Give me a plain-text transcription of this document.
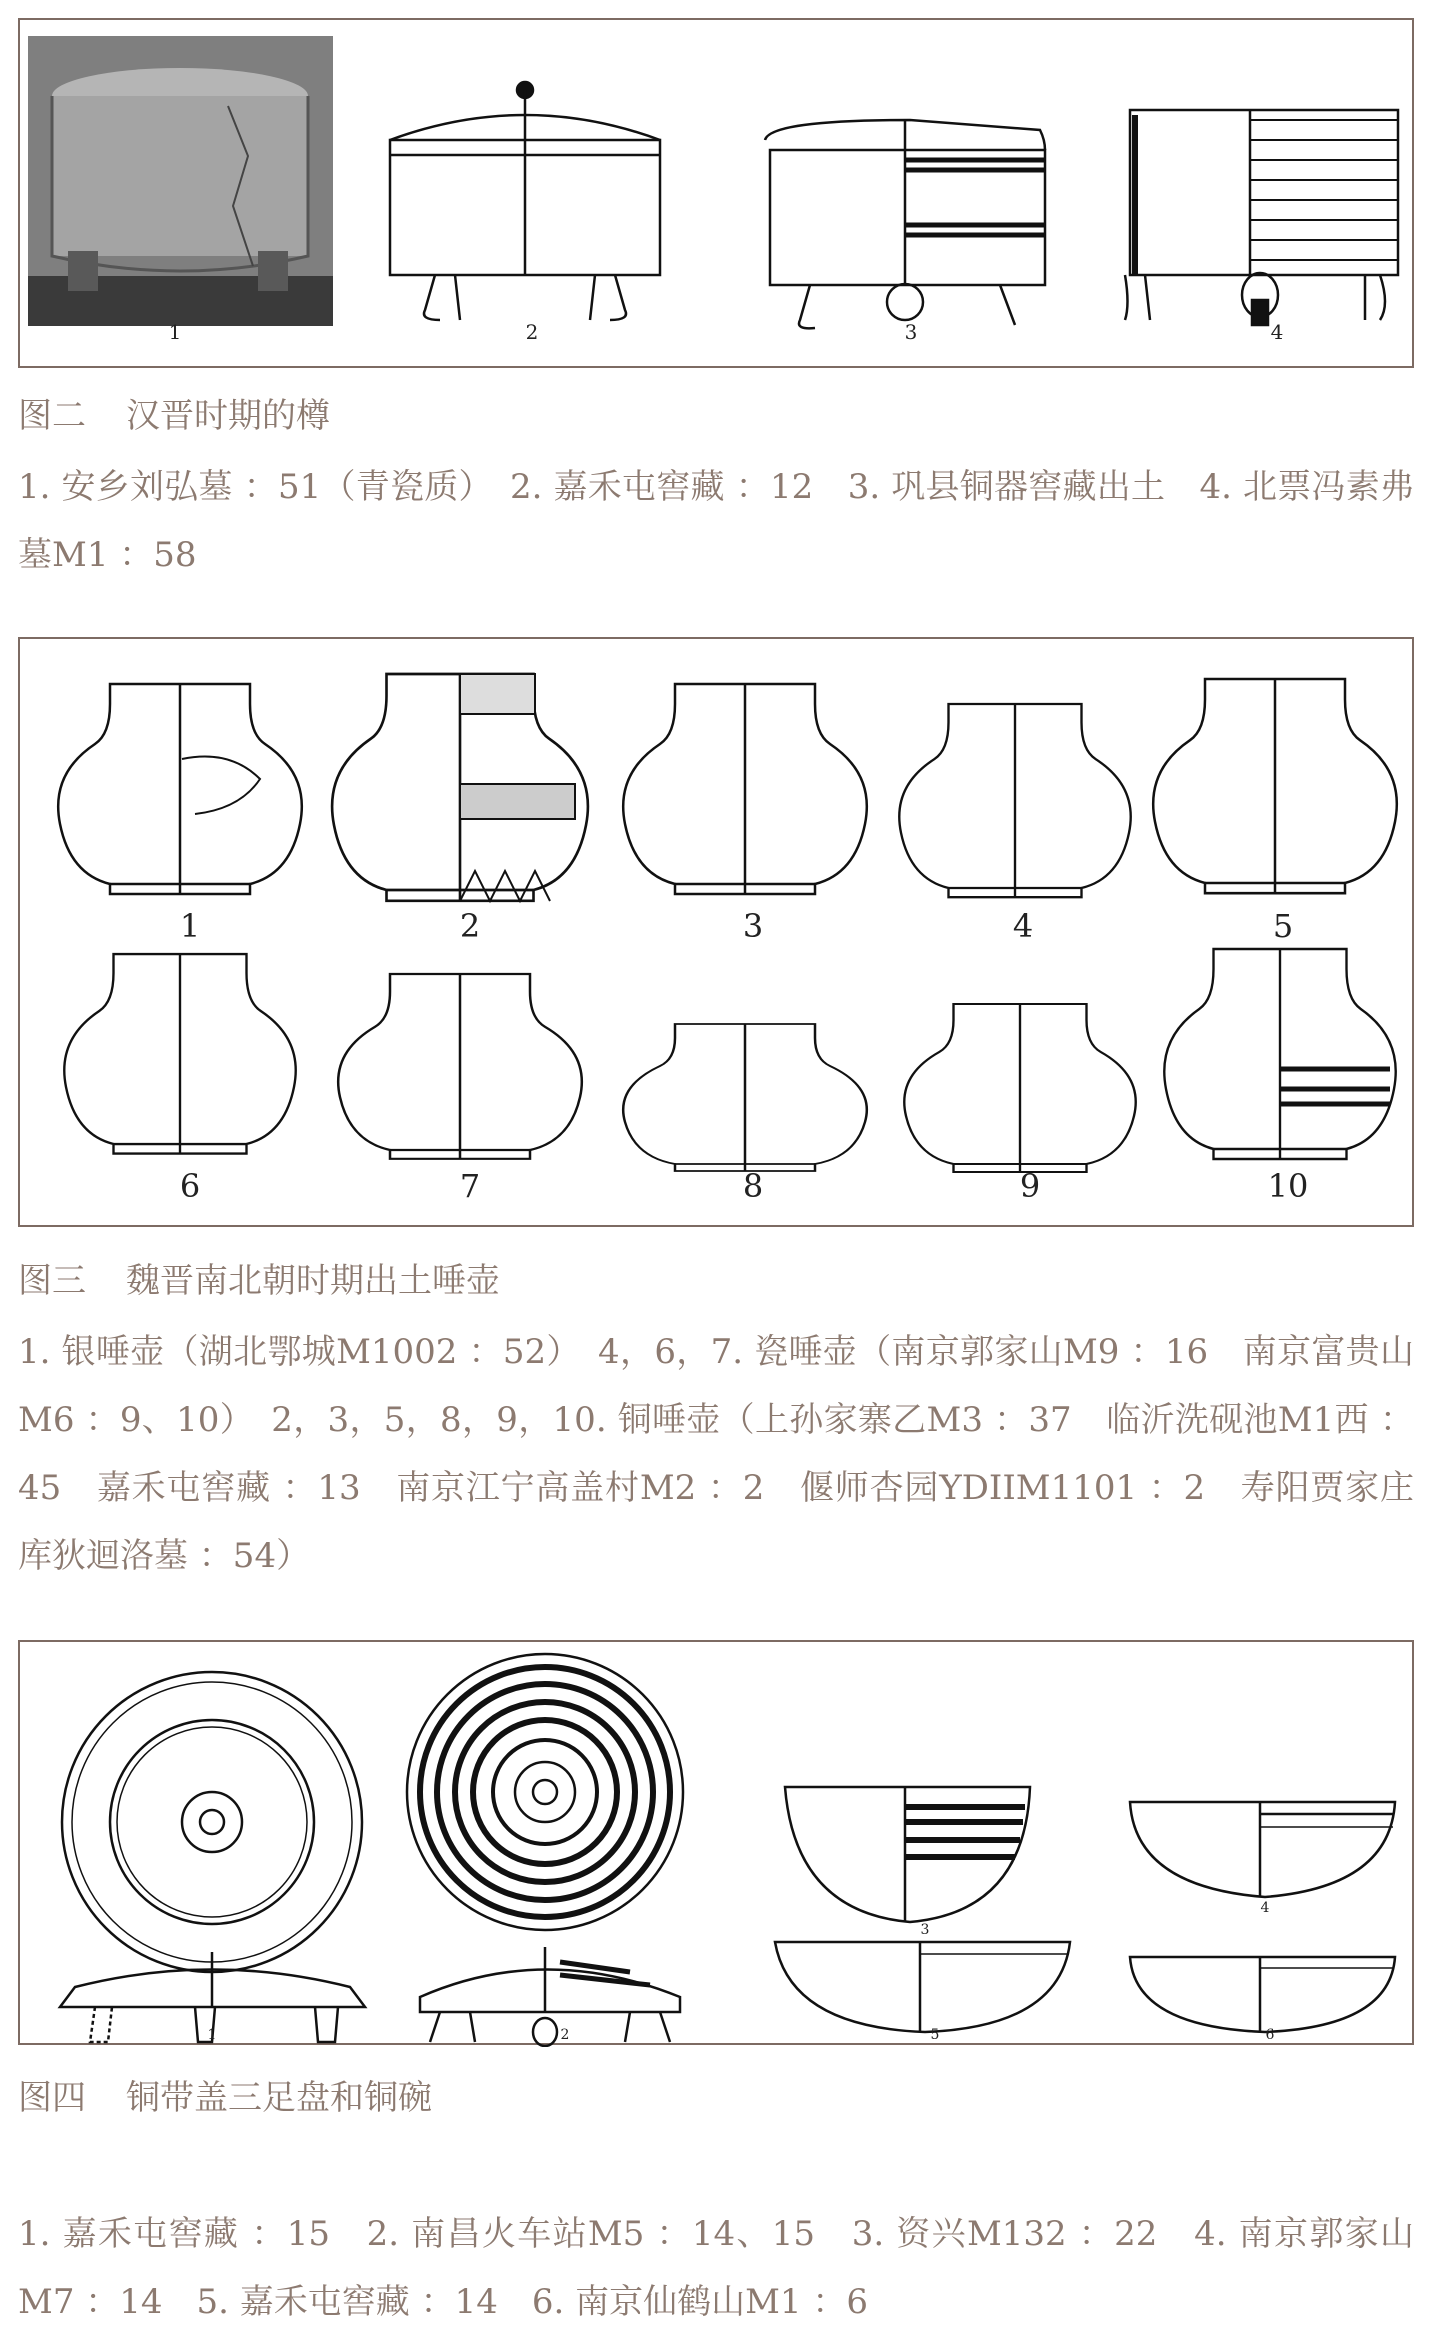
1	2	3	4
图二 汉晋时期的樽
1. 安乡刘弘墓 ：51（青瓷质）　2. 嘉禾屯窖藏 ：12　3. 巩县铜器窖藏出土　4. 北票冯素弗墓M1 ：58
1	2	3	4	5
6	7	8	9	10
图三 魏晋南北朝时期出土唾壶
1. 银唾壶（湖北鄂城M1002 ：52）　4，6，7. 瓷唾壶（南京郭家山M9 ：16　南京富贵山M6 ：9、10）　2，3，5，8，9，10. 铜唾壶（上孙家寨乙M3 ：37　临沂洗砚池M1西 ：45　嘉禾屯窖藏 ：13　南京江宁高盖村M2 ：2　偃师杏园YDIIM1101 ：2　寿阳贾家庄库狄迴洛墓 ：54）
1	2
3
4
5	6
图四 铜带盖三足盘和铜碗
1. 嘉禾屯窖藏 ：15　2. 南昌火车站M5 ：14、15　3. 资兴M132 ：22　4. 南京郭家山M7 ：14　5. 嘉禾屯窖藏 ：14　6. 南京仙鹤山M1 ：6
